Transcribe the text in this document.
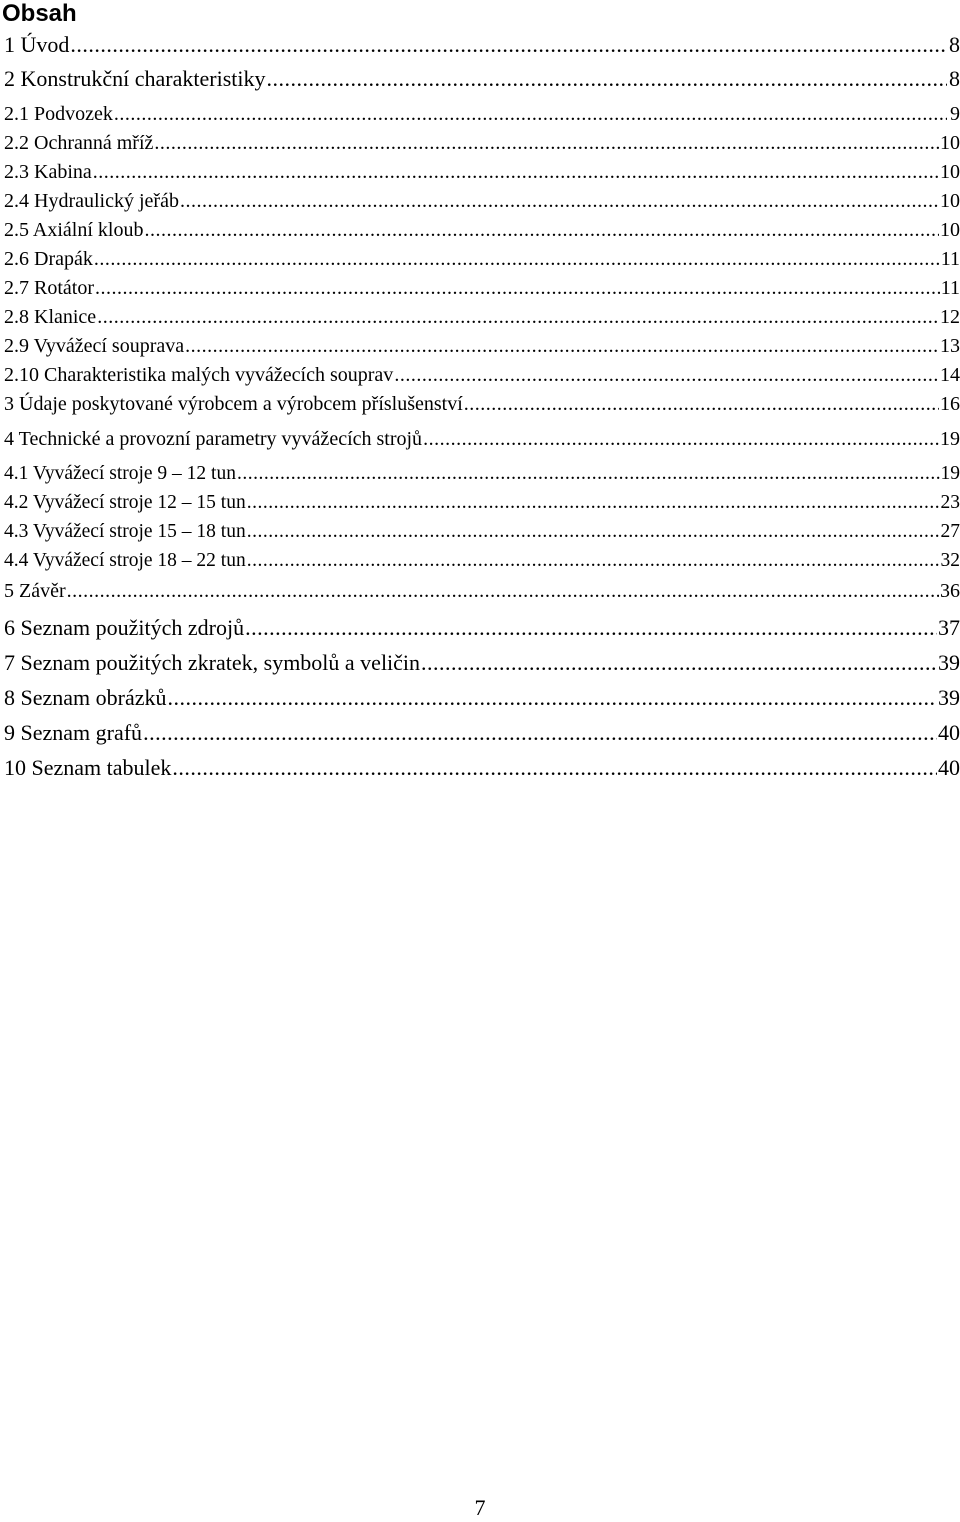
Obsah
1 Úvod .....	8
2 Konstrukční charakteristiky .....	8
2.1 Podvozek .....	9
2.2 Ochranná mříž .....	10
2.3 Kabina .....	10
2.4 Hydraulický jeřáb .....	10
2.5 Axiální kloub .....	10
2.6 Drapák .....	11
2.7 Rotátor .....	11
2.8 Klanice .....	12
2.9 Vyvážecí souprava .....	13
2.10 Charakteristika malých vyvážecích souprav .....	14
3 Údaje poskytované výrobcem a výrobcem příslušenství .....	16
4 Technické a provozní parametry vyvážecích strojů .....	19
4.1 Vyvážecí stroje 9 – 12 tun .....	19
4.2 Vyvážecí stroje 12 – 15 tun .....	23
4.3 Vyvážecí stroje 15 – 18 tun .....	27
4.4 Vyvážecí stroje 18 – 22 tun .....	32
5 Závěr .....	36
6 Seznam použitých zdrojů .....	37
7 Seznam použitých zkratek, symbolů a veličin .....	39
8 Seznam obrázků .....	39
9 Seznam grafů .....	40
10 Seznam tabulek .....	40
7
